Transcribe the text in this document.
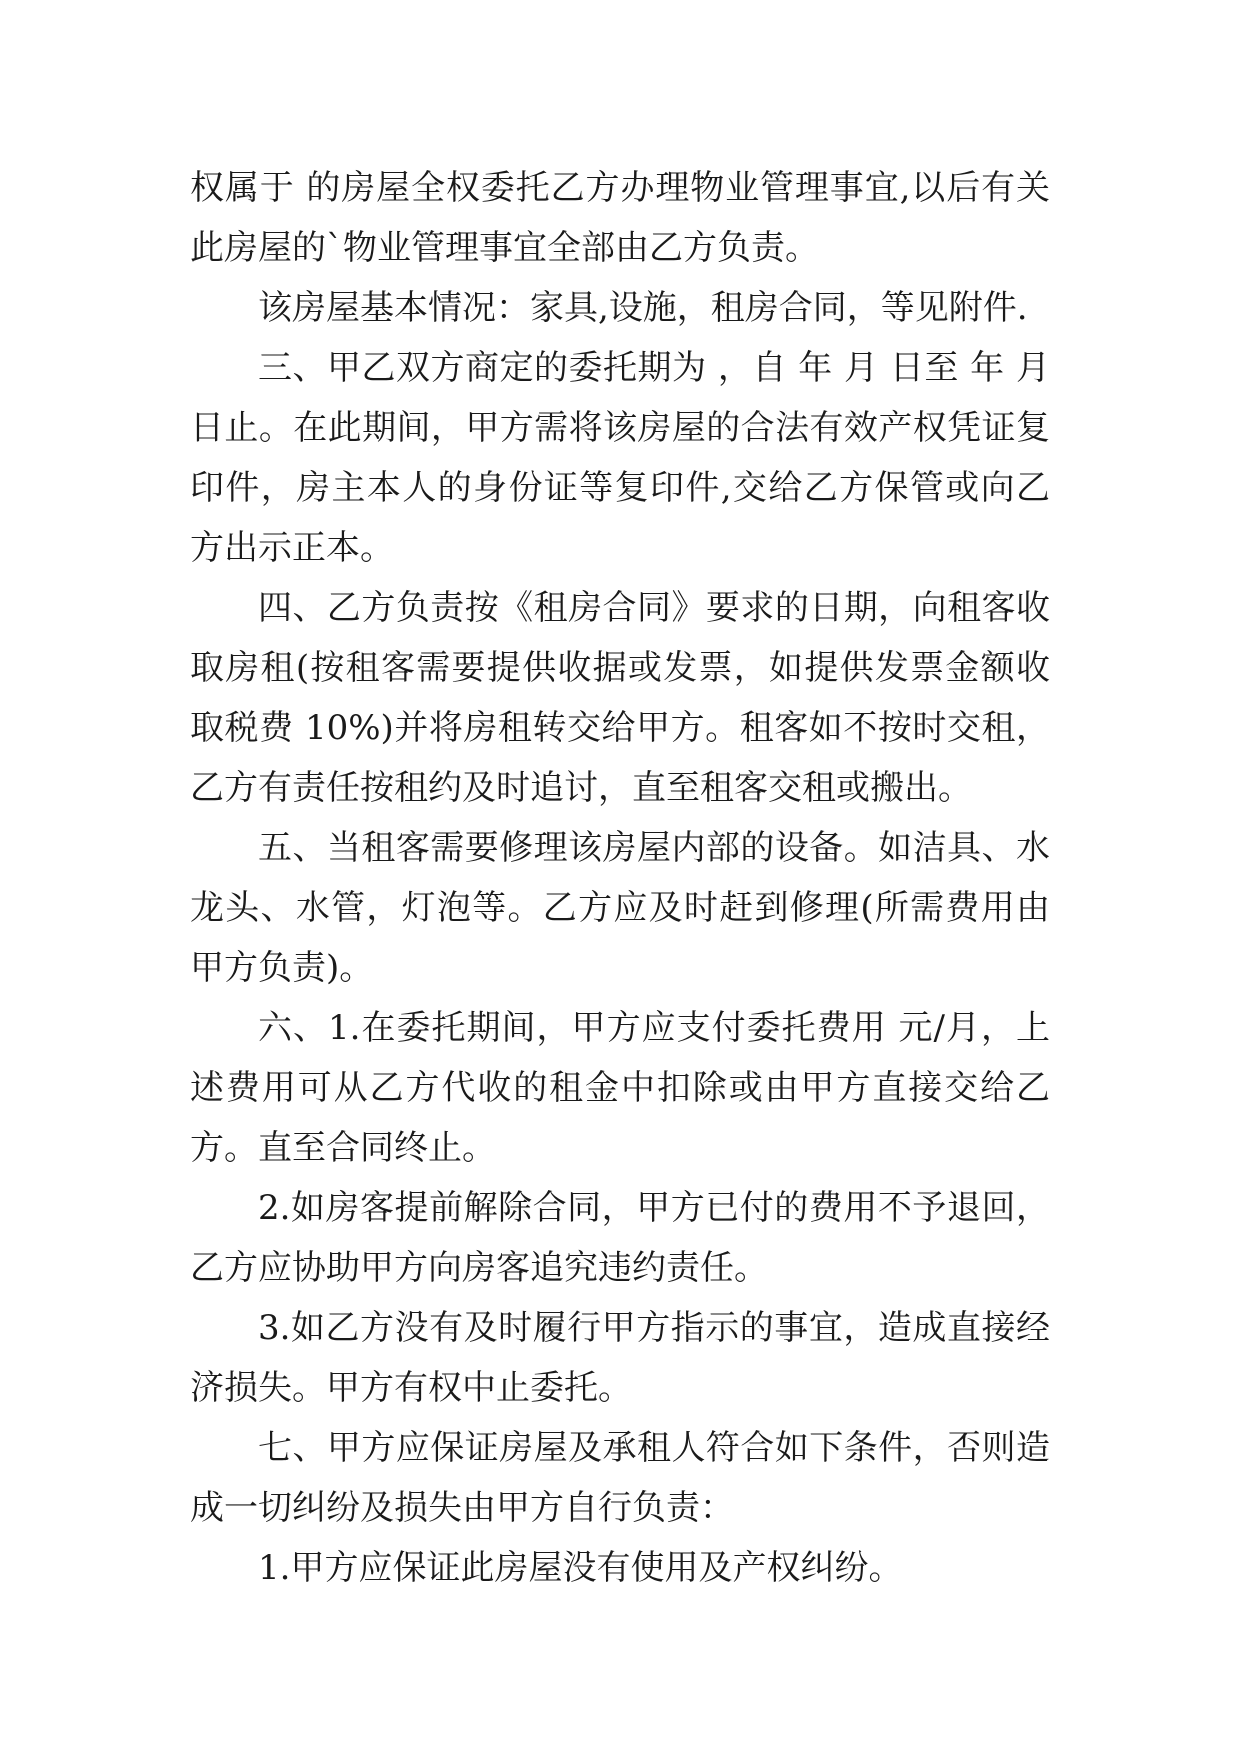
权属于 的房屋全权委托乙方办理物业管理事宜,以后有关此房屋的`物业管理事宜全部由乙方负责。

该房屋基本情况：家具,设施，租房合同，等见附件.

三、甲乙双方商定的委托期为 ，自 年 月 日至 年 月日止。在此期间，甲方需将该房屋的合法有效产权凭证复印件，房主本人的身份证等复印件,交给乙方保管或向乙方出示正本。

四、乙方负责按《租房合同》要求的日期，向租客收取房租(按租客需要提供收据或发票，如提供发票金额收取税费 10%)并将房租转交给甲方。租客如不按时交租，乙方有责任按租约及时追讨，直至租客交租或搬出。

五、当租客需要修理该房屋内部的设备。如洁具、水龙头、水管，灯泡等。乙方应及时赶到修理(所需费用由甲方负责)。

六、1.在委托期间，甲方应支付委托费用 元/月，上述费用可从乙方代收的租金中扣除或由甲方直接交给乙方。直至合同终止。

2.如房客提前解除合同，甲方已付的费用不予退回，乙方应协助甲方向房客追究违约责任。

3.如乙方没有及时履行甲方指示的事宜，造成直接经济损失。甲方有权中止委托。

七、甲方应保证房屋及承租人符合如下条件，否则造成一切纠纷及损失由甲方自行负责：

1.甲方应保证此房屋没有使用及产权纠纷。
